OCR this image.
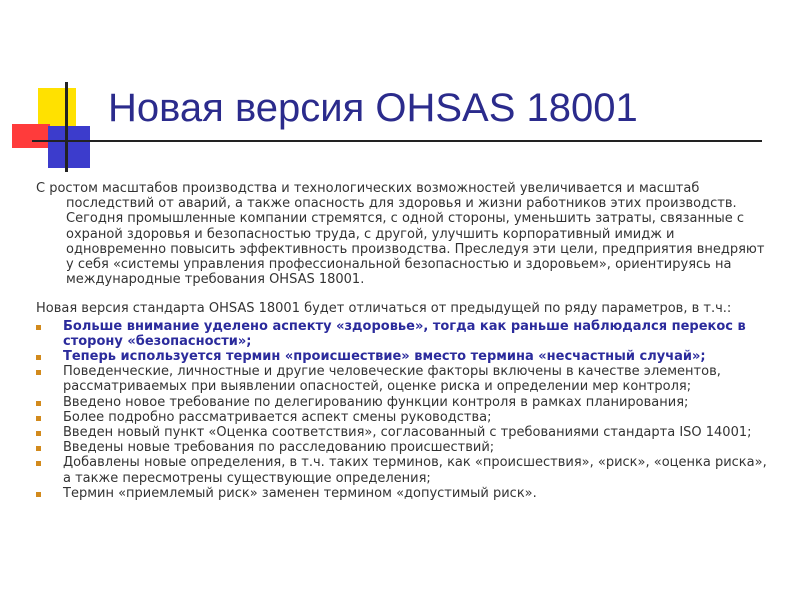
Новая версия OHSAS 18001

С ростом масштабов производства и технологических возможностей увеличивается и масштаб последствий от аварий, а также опасность для здоровья и жизни работников этих производств. Сегодня промышленные компании стремятся, с одной стороны, уменьшить затраты, связанные с охраной здоровья и безопасностью труда, с другой, улучшить корпоративный имидж и одновременно повысить эффективность производства. Преследуя эти цели, предприятия внедряют у себя «системы управления профессиональной безопасностью и здоровьем», ориентируясь на международные требования OHSAS 18001.

Новая версия стандарта OHSAS 18001 будет отличаться от предыдущей по ряду параметров, в т.ч.:

Больше внимание уделено аспекту «здоровье», тогда как раньше наблюдался перекос в сторону «безопасности»;
Теперь используется термин «происшествие» вместо термина «несчастный случай»;
Поведенческие, личностные и другие человеческие факторы включены в качестве элементов, рассматриваемых при выявлении опасностей, оценке риска и определении мер контроля;
Введено новое требование по делегированию функции контроля в рамках планирования;
Более подробно рассматривается аспект смены руководства;
Введен новый пункт «Оценка соответствия», согласованный с требованиями стандарта ISO 14001;
Введены новые требования по расследованию происшествий;
Добавлены новые определения, в т.ч. таких терминов, как «происшествия», «риск», «оценка риска», а также пересмотрены существующие определения;
Термин «приемлемый риск» заменен термином «допустимый риск».
